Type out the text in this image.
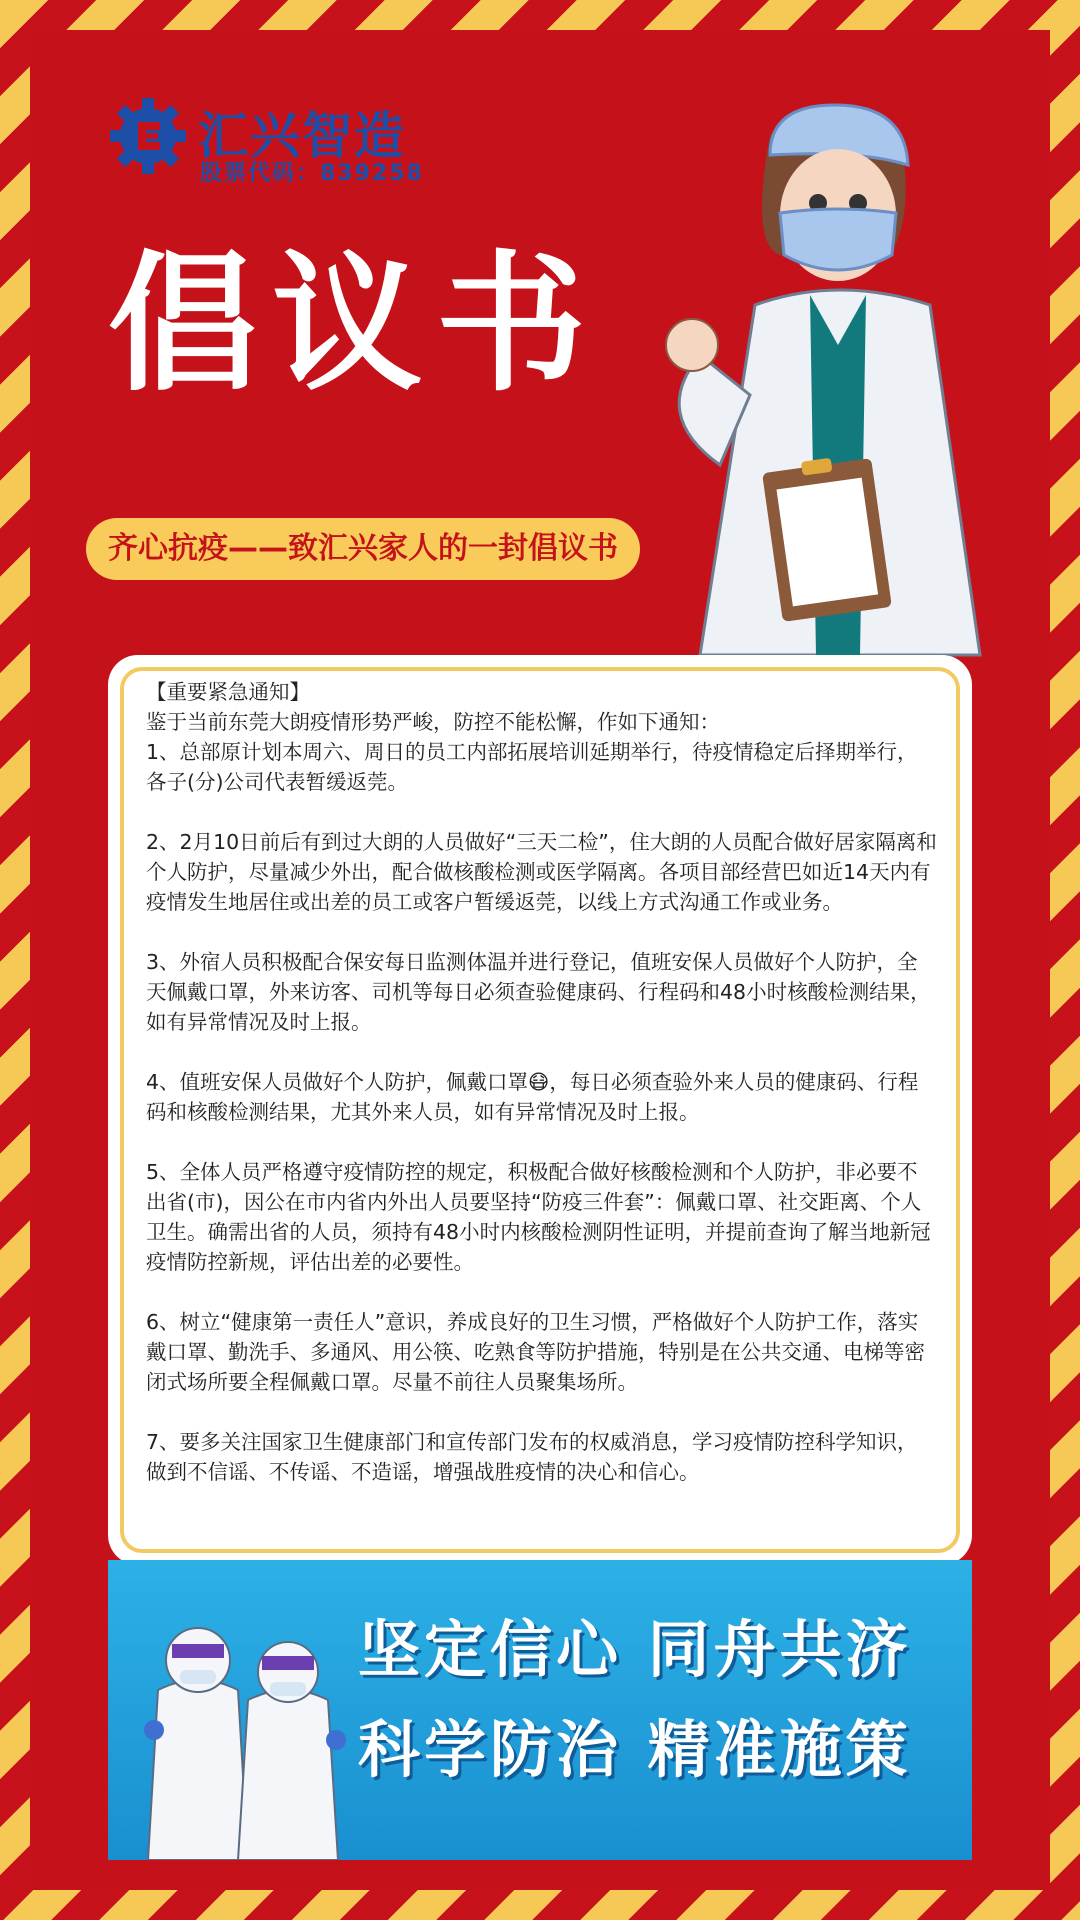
汇兴智造
股票代码：839258
倡议书
齐心抗疫——致汇兴家人的一封倡议书

【重要紧急通知】

鉴于当前东莞大朗疫情形势严峻，防控不能松懈，作如下通知：

1、总部原计划本周六、周日的员工内部拓展培训延期举行，待疫情稳定后择期举行，各子(分)公司代表暂缓返莞。

2、2月10日前后有到过大朗的人员做好“三天二检”，住大朗的人员配合做好居家隔离和个人防护，尽量减少外出，配合做核酸检测或医学隔离。各项目部经营巴如近14天内有疫情发生地居住或出差的员工或客户暂缓返莞，以线上方式沟通工作或业务。

3、外宿人员积极配合保安每日监测体温并进行登记，值班安保人员做好个人防护，全天佩戴口罩，外来访客、司机等每日必须查验健康码、行程码和48小时核酸检测结果，如有异常情况及时上报。

4、值班安保人员做好个人防护，佩戴口罩😷，每日必须查验外来人员的健康码、行程码和核酸检测结果，尤其外来人员，如有异常情况及时上报。

5、全体人员严格遵守疫情防控的规定，积极配合做好核酸检测和个人防护，非必要不出省(市)，因公在市内省内外出人员要坚持“防疫三件套”：佩戴口罩、社交距离、个人卫生。确需出省的人员，须持有48小时内核酸检测阴性证明，并提前查询了解当地新冠疫情防控新规，评估出差的必要性。

6、树立“健康第一责任人”意识，养成良好的卫生习惯，严格做好个人防护工作，落实戴口罩、勤洗手、多通风、用公筷、吃熟食等防护措施，特别是在公共交通、电梯等密闭式场所要全程佩戴口罩。尽量不前往人员聚集场所。

7、要多关注国家卫生健康部门和宣传部门发布的权威消息，学习疫情防控科学知识，做到不信谣、不传谣、不造谣，增强战胜疫情的决心和信心。

坚定信心 同舟共济
科学防治 精准施策
